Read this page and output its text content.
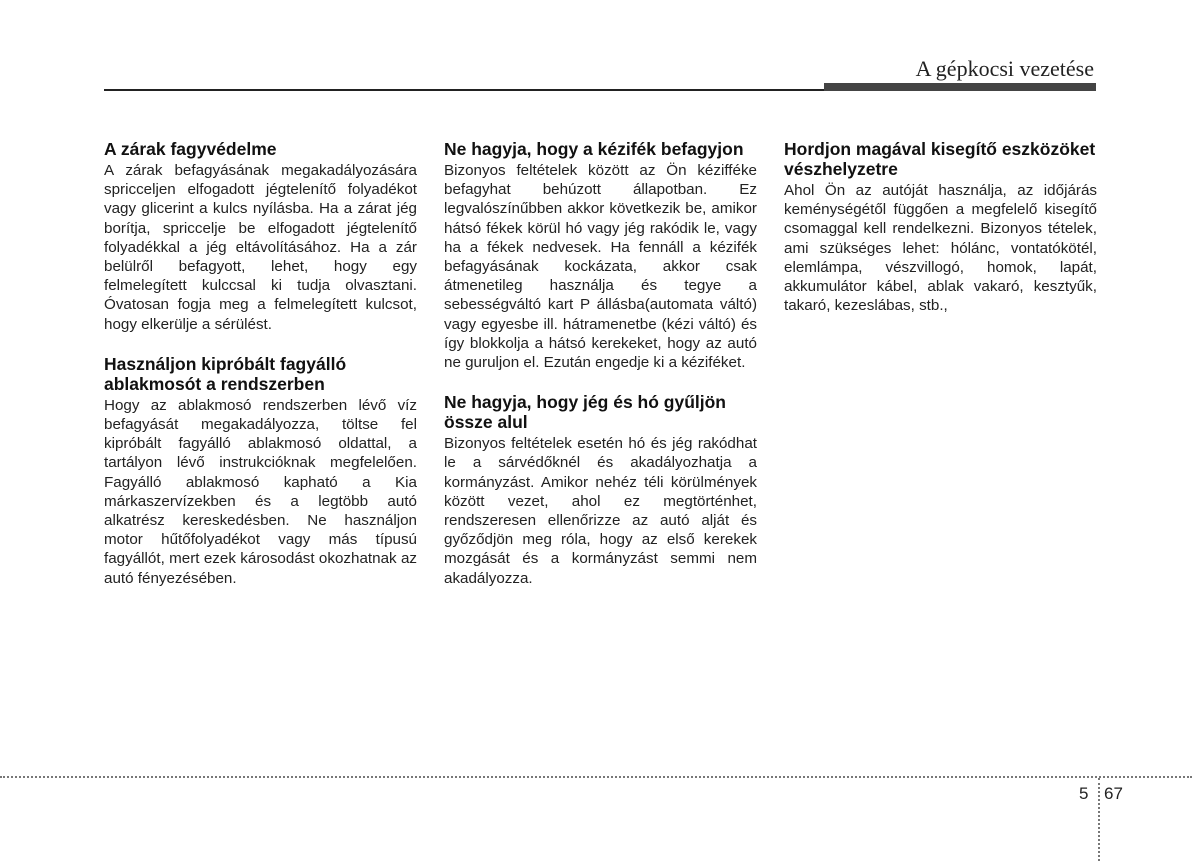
A gépkocsi vezetése
A zárak fagyvédelme

A zárak befagyásának megakadályozására spricceljen elfogadott jégtelenítő folyadékot vagy glicerint a kulcs nyílásba. Ha a zárat jég borítja, spriccelje be elfogadott jégtelenítő folyadékkal a jég eltávolításához. Ha a zár belülről befagyott, lehet, hogy egy felmelegített kulccsal ki tudja olvasztani. Óvatosan fogja meg a felmelegített kulcsot, hogy elkerülje a sérülést.

Használjon kipróbált fagyálló ablakmosót a rendszerben

Hogy az ablakmosó rendszerben lévő víz befagyását megakadályozza, töltse fel kipróbált fagyálló ablakmosó oldattal, a tartályon lévő instrukcióknak megfelelően. Fagyálló ablakmosó kapható a Kia márkaszervízekben és a legtöbb autó alkatrész kereskedésben. Ne használjon motor hűtőfolyadékot vagy más típusú fagyállót, mert ezek károsodást okozhatnak az autó fényezésében.

Ne hagyja, hogy a kézifék befagyjon

Bizonyos feltételek között az Ön kézifféke befagyhat behúzott állapotban. Ez legvalószínűbben akkor következik be, amikor hátsó fékek körül hó vagy jég rakódik le, vagy ha a fékek nedvesek. Ha fennáll a kézifék befagyásának kockázata, akkor csak átmenetileg használja és tegye a sebességváltó kart P állásba(automata váltó) vagy egyesbe ill. hátramenetbe (kézi váltó) és így blokkolja a hátsó kerekeket, hogy az autó ne guruljon el. Ezután engedje ki a kéziféket.

Ne hagyja, hogy jég és hó gyűljön össze alul

Bizonyos feltételek esetén hó és jég rakódhat le a sárvédőknél és akadályozhatja a kormányzást. Amikor nehéz téli körülmények között vezet, ahol ez megtörténhet, rendszeresen ellenőrizze az autó alját és győződjön meg róla, hogy az első kerekek mozgását és a kormányzást semmi nem akadályozza.

Hordjon magával kisegítő eszközöket vészhelyzetre

Ahol Ön az autóját használja, az időjárás keménységétől függően a megfelelő kisegítő csomaggal kell rendelkezni. Bizonyos tételek, ami szükséges lehet: hólánc, vontatókötél, elemlámpa, vészvillogó, homok, lapát, akkumulátor kábel, ablak vakaró, kesztyűk, takaró, kezeslábas, stb.,

5 67
